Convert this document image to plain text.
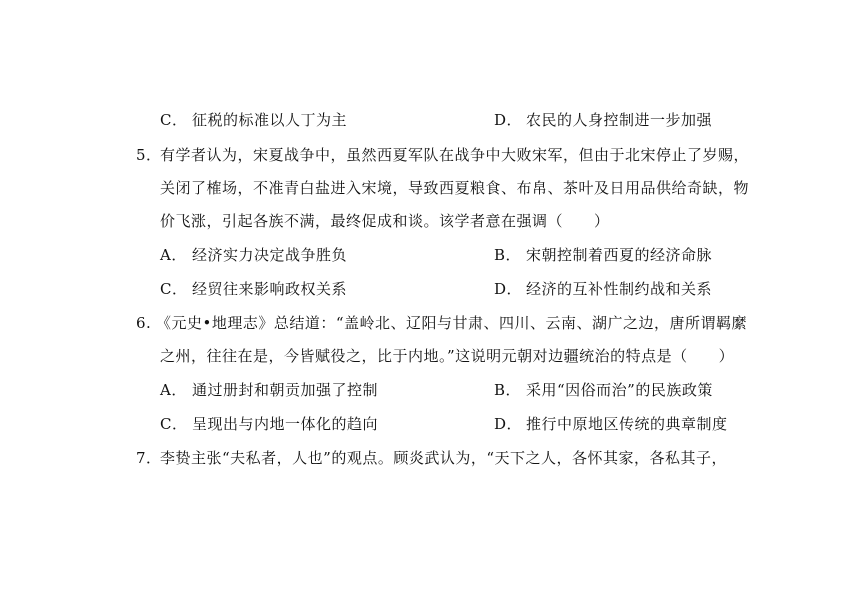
C． 征税的标准以人丁为主	D． 农民的人身控制进一步加强
5．有学者认为，宋夏战争中，虽然西夏军队在战争中大败宋军，但由于北宋停止了岁赐，
关闭了榷场，不准青白盐进入宋境，导致西夏粮食、布帛、茶叶及日用品供给奇缺，物
价飞涨，引起各族不满，最终促成和谈。该学者意在强调（　　）
A． 经济实力决定战争胜负	B． 宋朝控制着西夏的经济命脉
C． 经贸往来影响政权关系	D． 经济的互补性制约战和关系
6. 《元史•地理志》总结道：“盖岭北、辽阳与甘肃、四川、云南、湖广之边，唐所谓羁縻
之州，往往在是，今皆赋役之，比于内地。”这说明元朝对边疆统治的特点是（　　）
A． 通过册封和朝贡加强了控制	B． 采用“因俗而治”的民族政策
C． 呈现出与内地一体化的趋向	D． 推行中原地区传统的典章制度
7．李贽主张“夫私者，人也”的观点。顾炎武认为，“天下之人，各怀其家，各私其子，
